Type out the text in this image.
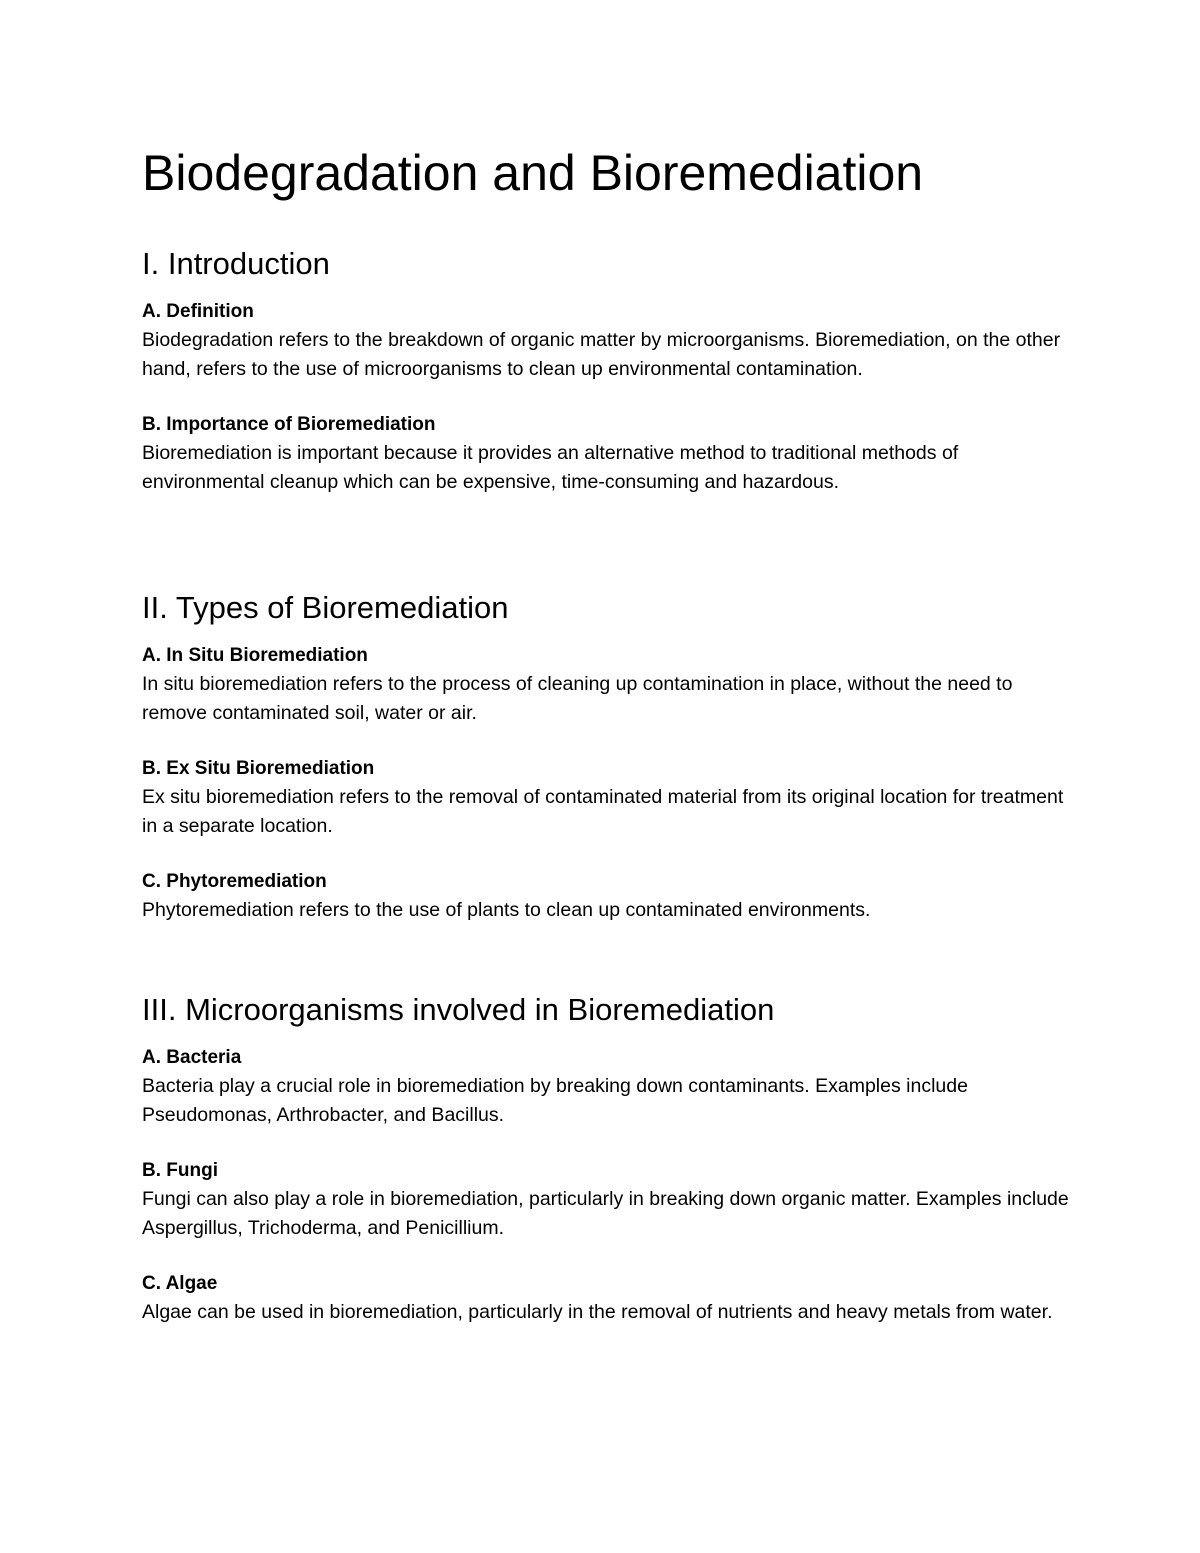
Biodegradation and Bioremediation
I. Introduction
A. Definition

Biodegradation refers to the breakdown of organic matter by microorganisms. Bioremediation, on the other hand, refers to the use of microorganisms to clean up environmental contamination.

B. Importance of Bioremediation

Bioremediation is important because it provides an alternative method to traditional methods of environmental cleanup which can be expensive, time-consuming and hazardous.

II. Types of Bioremediation
A. In Situ Bioremediation

In situ bioremediation refers to the process of cleaning up contamination in place, without the need to remove contaminated soil, water or air.

B. Ex Situ Bioremediation

Ex situ bioremediation refers to the removal of contaminated material from its original location for treatment in a separate location.

C. Phytoremediation

Phytoremediation refers to the use of plants to clean up contaminated environments.

III. Microorganisms involved in Bioremediation
A. Bacteria

Bacteria play a crucial role in bioremediation by breaking down contaminants. Examples include Pseudomonas, Arthrobacter, and Bacillus.

B. Fungi

Fungi can also play a role in bioremediation, particularly in breaking down organic matter. Examples include Aspergillus, Trichoderma, and Penicillium.

C. Algae

Algae can be used in bioremediation, particularly in the removal of nutrients and heavy metals from water.
